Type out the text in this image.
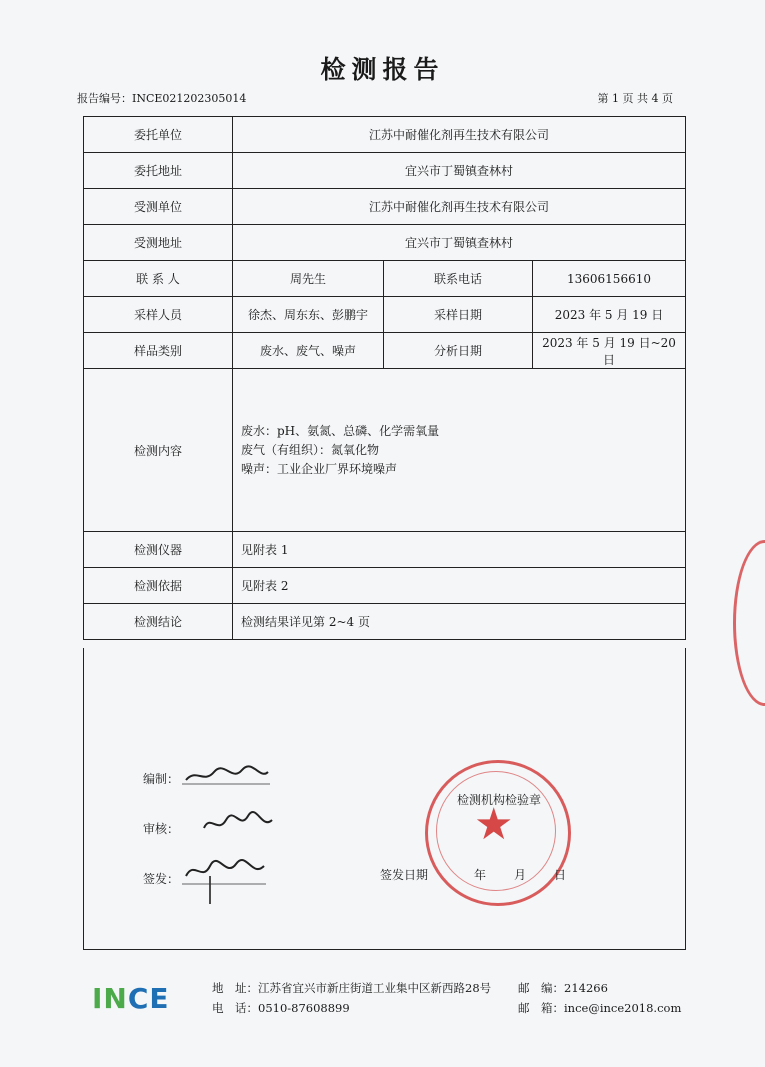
检测报告
报告编号：INCE021202305014	第 1 页 共 4 页
委托单位	江苏中耐催化剂再生技术有限公司		
委托地址	宜兴市丁蜀镇查林村		
受测单位	江苏中耐催化剂再生技术有限公司		
受测地址	宜兴市丁蜀镇查林村		
联 系 人	周先生	联系电话	13606156610
采样人员	徐杰、周东东、彭鹏宇	采样日期	2023 年 5 月 19 日
样品类别	废水、废气、噪声	分析日期	2023 年 5 月 19 日~20 日
检测内容	废水：pH、氨氮、总磷、化学需氧量
废气（有组织）：氮氧化物
噪声：工业企业厂界环境噪声		

检测仪器	见附表 1		
检测依据	见附表 2		
检测结论	检测结果详见第 2~4 页		
编制：
审核：
签发：
★
检测机构检验章
签发日期	年 月 日
INCE	地　址：江苏省宜兴市新庄街道工业集中区新西路28号
电　话：0510-87608899
邮　编：214266
邮　箱：ince@ince2018.com
